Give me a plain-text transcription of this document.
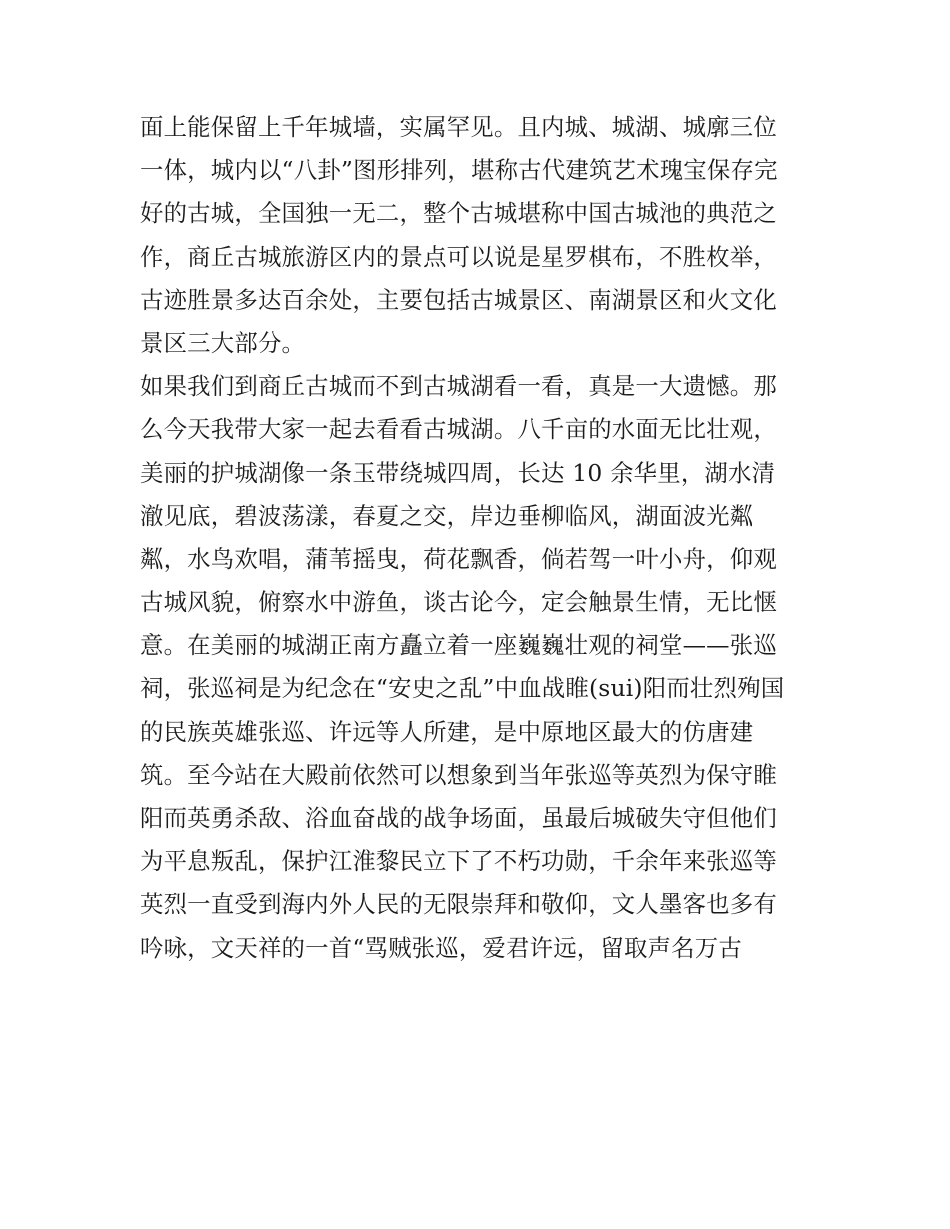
面上能保留上千年城墙，实属罕见。且内城、城湖、城廓三位
一体，城内以“八卦”图形排列，堪称古代建筑艺术瑰宝保存完
好的古城，全国独一无二，整个古城堪称中国古城池的典范之
作，商丘古城旅游区内的景点可以说是星罗棋布，不胜枚举，
古迹胜景多达百余处，主要包括古城景区、南湖景区和火文化
景区三大部分。
如果我们到商丘古城而不到古城湖看一看，真是一大遗憾。那
么今天我带大家一起去看看古城湖。八千亩的水面无比壮观，
美丽的护城湖像一条玉带绕城四周，长达 10 余华里，湖水清
澈见底，碧波荡漾，春夏之交，岸边垂柳临风，湖面波光粼
粼，水鸟欢唱，蒲苇摇曳，荷花飘香，倘若驾一叶小舟，仰观
古城风貌，俯察水中游鱼，谈古论今，定会触景生情，无比惬
意。在美丽的城湖正南方矗立着一座巍巍壮观的祠堂——张巡
祠，张巡祠是为纪念在“安史之乱”中血战睢(sui)阳而壮烈殉国
的民族英雄张巡、许远等人所建，是中原地区最大的仿唐建
筑。至今站在大殿前依然可以想象到当年张巡等英烈为保守睢
阳而英勇杀敌、浴血奋战的战争场面，虽最后城破失守但他们
为平息叛乱，保护江淮黎民立下了不朽功勋，千余年来张巡等
英烈一直受到海内外人民的无限崇拜和敬仰，文人墨客也多有
吟咏，文天祥的一首“骂贼张巡，爱君许远，留取声名万古
